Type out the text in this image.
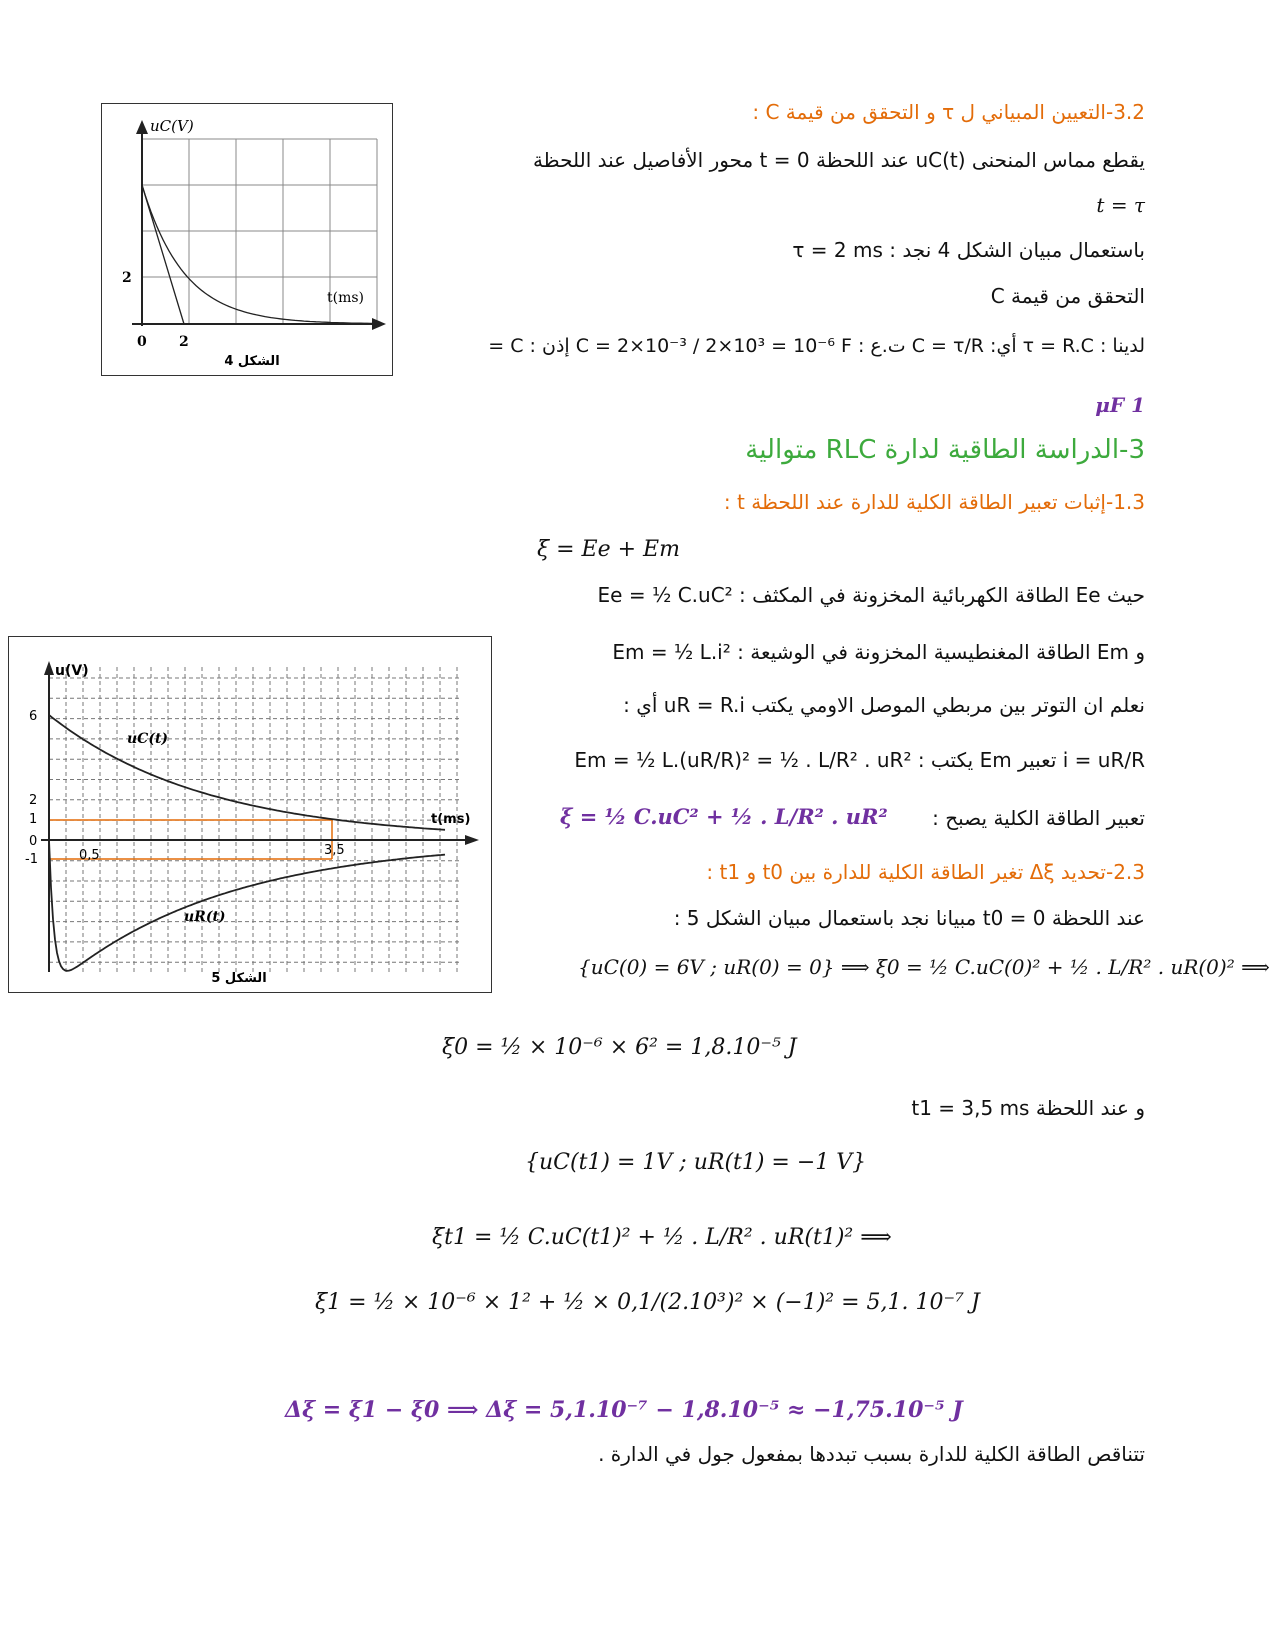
uC(V)
t(ms)
2
0 2
الشكل 4
u(V)
t(ms)
uC(t)
uR(t)
6
2
1
0
-1	0,5	3,5
الشكل 5
3.2-التعيين المبياني ل τ و التحقق من قيمة C :
يقطع مماس المنحنى uC(t) عند اللحظة t = 0 محور الأفاصيل عند اللحظة
t = τ
باستعمال مبيان الشكل 4 نجد : τ = 2 ms
التحقق من قيمة C
لدينا : τ = R.C أي: C = τ/R ت.ع : C = 2×10⁻³ / 2×10³ = 10⁻⁶ F إذن : C =
1 μF
3-الدراسة الطاقية لدارة RLC متوالية
1.3-إثبات تعبير الطاقة الكلية للدارة عند اللحظة t :
ξ = Ee + Em
حيث Ee الطاقة الكهربائية المخزونة في المكثف : Ee = ½ C.uC²
و Em الطاقة المغنطيسية المخزونة في الوشيعة : Em = ½ L.i²
نعلم ان التوتر بين مربطي الموصل الاومي يكتب uR = R.i أي :
i = uR/R تعبير Em يكتب : Em = ½ L.(uR/R)² = ½ . L/R² . uR²
تعبير الطاقة الكلية يصبح :
ξ = ½ C.uC² + ½ . L/R² . uR²
2.3-تحديد Δξ تغير الطاقة الكلية للدارة بين t0 و t1 :
عند اللحظة t0 = 0 مبيانا نجد باستعمال مبيان الشكل 5 :
{uC(0) = 6V ; uR(0) = 0} ⟹ ξ0 = ½ C.uC(0)² + ½ . L/R² . uR(0)² ⟹
ξ0 = ½ × 10⁻⁶ × 6² = 1,8.10⁻⁵ J
و عند اللحظة t1 = 3,5 ms
{uC(t1) = 1V ; uR(t1) = −1 V}
ξt1 = ½ C.uC(t1)² + ½ . L/R² . uR(t1)² ⟹
ξ1 = ½ × 10⁻⁶ × 1² + ½ × 0,1/(2.10³)² × (−1)² = 5,1. 10⁻⁷ J
Δξ = ξ1 − ξ0 ⟹ Δξ = 5,1.10⁻⁷ − 1,8.10⁻⁵ ≈ −1,75.10⁻⁵ J
تتناقص الطاقة الكلية للدارة بسبب تبددها بمفعول جول في الدارة .
